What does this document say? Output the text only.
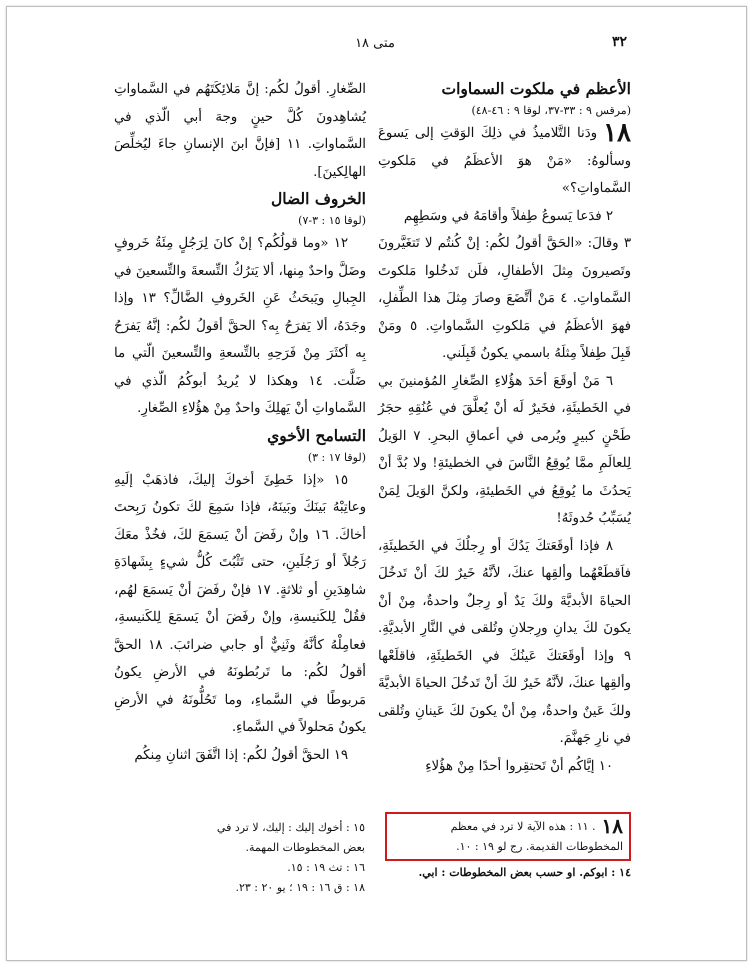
٣٢
متى ١٨

الأعظم في ملكوت السماوات

(مرقس ٩ : ٣٣-٣٧، لوقا ٩ : ٤٦-٤٨)

١٨ودَنا التَّلاميذُ في ذلِكَ الوَقتِ إلى يَسوعَ وسألوهُ: «مَنْ هوَ الأعظَمُ في مَلكوتِ السَّماواتِ؟»

٢ فدَعا يَسوعُ طِفلاً وأقامَهُ في وسَطِهِم

٣ وقالَ: «الحَقَّ أقولُ لكُم: إنْ كُنتُم لا تَتغَيَّرونَ وتَصيرونَ مِثلَ الأطفالِ، فلَن تَدخُلوا مَلكوتَ السَّماواتِ. ٤ مَنْ أتَّضَعَ وصارَ مِثلَ هذا الطِّفلِ، فهوَ الأعظَمُ في مَلكوتِ السَّماواتِ. ٥ ومَنْ قَبِلَ طِفلاً مِثلَهُ باسمي يكونُ قَبِلَني.

٦ مَنْ أوقَعَ أحَدَ هؤُلاءِ الصِّغارِ المُؤمنينَ بي في الخَطيئَةِ، فخَيرٌ لَه أنْ يُعلَّقَ في عُنُقِهِ حجَرُ طَحْنٍ كبيرٍ ويُرمى في أعماقِ البحرِ. ٧ الوَيلُ لِلعالَمِ ممَّا يُوقِعُ النَّاسَ في الخطيئةِ! ولا بُدَّ أنْ يَحدُثَ ما يُوقِعُ في الخَطيئةِ، ولكنَّ الوَيلَ لِمَنْ يُسَبِّبُ حُدوثَهُ!

٨ فإذا أوقَعَتكَ يَدُكَ أو رِجلُكَ في الخَطيئَةِ، فاَقطَعْهُما وألقِها عنكَ، لأنَّهُ خَيرٌ لكَ أنْ تَدخُلَ الحياةَ الأبديَّةَ ولكَ يَدٌ أو رِجلٌ واحدةٌ، مِنْ أنْ يكونَ لكَ يدانِ ورِجلانِ وتُلقى في النَّارِ الأبديَّةِ. ٩ وإذا أوقَعَتكَ عَينُكَ في الخَطيئَةِ، فاقلَعْها وألقِها عنكَ، لأنَّهُ خَيرٌ لكَ أنْ تَدخُلَ الحياةَ الأبديَّةَ ولكَ عَينٌ واحدةٌ، مِنْ أنْ يكونَ لكَ عَينانِ وتُلقى في نارِ جَهنَّمَ.

١٠ إيَّاكُم أنْ تَحتقِروا أحدًا مِنْ هؤُلاءِ

الصِّغارِ. أقولُ لكُم: إنَّ مَلائِكَتَهُم في السَّماواتِ يُشاهِدونَ كُلَّ حينٍ وجهَ أبي الّذي في السَّماواتِ. ١١ [فإنَّ ابنَ الإنسانِ جاءَ ليُخلِّصَ الهالِكينَ].

الخروف الضال

(لوقا ١٥ : ٣-٧)

١٢ «وما قولُكُم؟ إنْ كانَ لِرَجُلٍ مِئَةُ خَروفٍ وضَلَّ واحدٌ مِنها، ألا يَترُكُ التِّسعةَ والتِّسعينَ في الجِبالِ ويَبحَثُ عَنِ الخَروفِ الضَّالِّ؟ ١٣ وإذا وجَدَهُ، ألا يَفرَحُ بِه؟ الحقَّ أقولُ لكُم: إنَّهُ يَفرَحُ بِه أكثَرَ مِنْ فَرَحِهِ بالتِّسعةِ والتِّسعينَ الّتي ما ضَلَّت. ١٤ وهكذا لا يُريدُ أبوكُمُ الّذي في السَّماواتِ أنْ يَهلِكَ واحدٌ مِنْ هؤُلاءِ الصِّغارِ.

التسامح الأخوي

(لوقا ١٧ : ٣)

١٥ «إذا خَطِئَ أخوكَ إليكَ، فاذهَبْ إلَيهِ وعاتِبْهُ بَينَكَ وبَينَهُ، فإذا سَمِعَ لكَ تكونُ رَبِحتَ أخاكَ. ١٦ وإنْ رفَضَ أنْ يَسمَعَ لكَ، فخُذْ معَكَ رَجُلاً أو رَجُلَينِ، حتى تَثْبُتَ كُلُّ شيءٍ بِشَهادَةِ شاهِدَينِ أو ثلاثةٍ. ١٧ فإنْ رفَضَ أنْ يَسمَعَ لهُم، فقُلْ لِلكَنيسةِ، وإنْ رفَضَ أنْ يَسمَعَ لِلكَنيسةِ، فعامِلْهُ كأنَّهُ وثَنِيٌّ أو جابي ضرائبَ. ١٨ الحقَّ أقولُ لكُم: ما تَربُطونَهُ في الأرضِ يكونُ مَربوطًا في السَّماءِ، وما تَحُلُّونَهُ في الأرضِ يكونُ مَحلولاً في السَّماءِ.

١٩ الحقَّ أقولُ لكُم: إذا اتَّفَقَ اثنانِ مِنكُم

١٨. ١١ : هذه الآية لا ترد في معظم المخطوطات القديمة. رج لو ١٩ : ١٠.

١٤ : ابوكم. او حسب بعض المخطوطات : ابي.

١٥ : أخوك إليك : إليك، لا ترد في بعض المخطوطات المهمة.

١٦ : تث ١٩ : ١٥.

١٨ : ق ١٦ : ١٩ ؛ يو ٢٠ : ٢٣.
